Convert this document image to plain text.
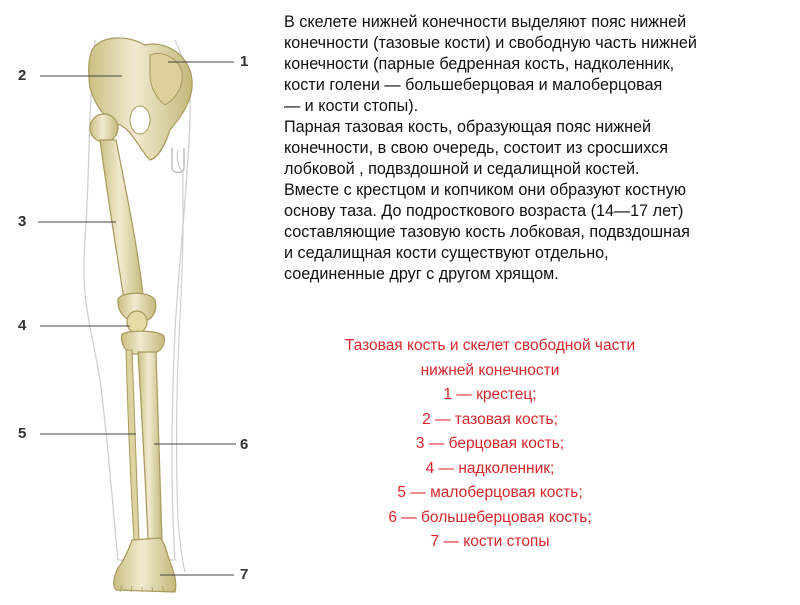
1
2
3
4
5
6
7
В скелете нижней конечности выделяют пояс нижней
конечности (тазовые кости) и свободную часть нижней
конечности (парные бедренная кость, надколенник,
кости голени — большеберцовая и малоберцовая
— и кости стопы).
Парная тазовая кость, образующая пояс нижней
конечности, в свою очередь, состоит из сросшихся
лобковой , подвздошной и седалищной костей.
Вместе с крестцом и копчиком они образуют костную
основу таза. До подросткового возраста (14—17 лет)
составляющие тазовую кость лобковая, подвздошная
и седалищная кости существуют отдельно,
соединенные друг с другом хрящом.
Тазовая кость и скелет свободной части
нижней конечности
1 — крестец;
2 — тазовая кость;
3 — берцовая кость;
4 — надколенник;
5 — малоберцовая кость;
6 — большеберцовая кость;
7 — кости стопы
